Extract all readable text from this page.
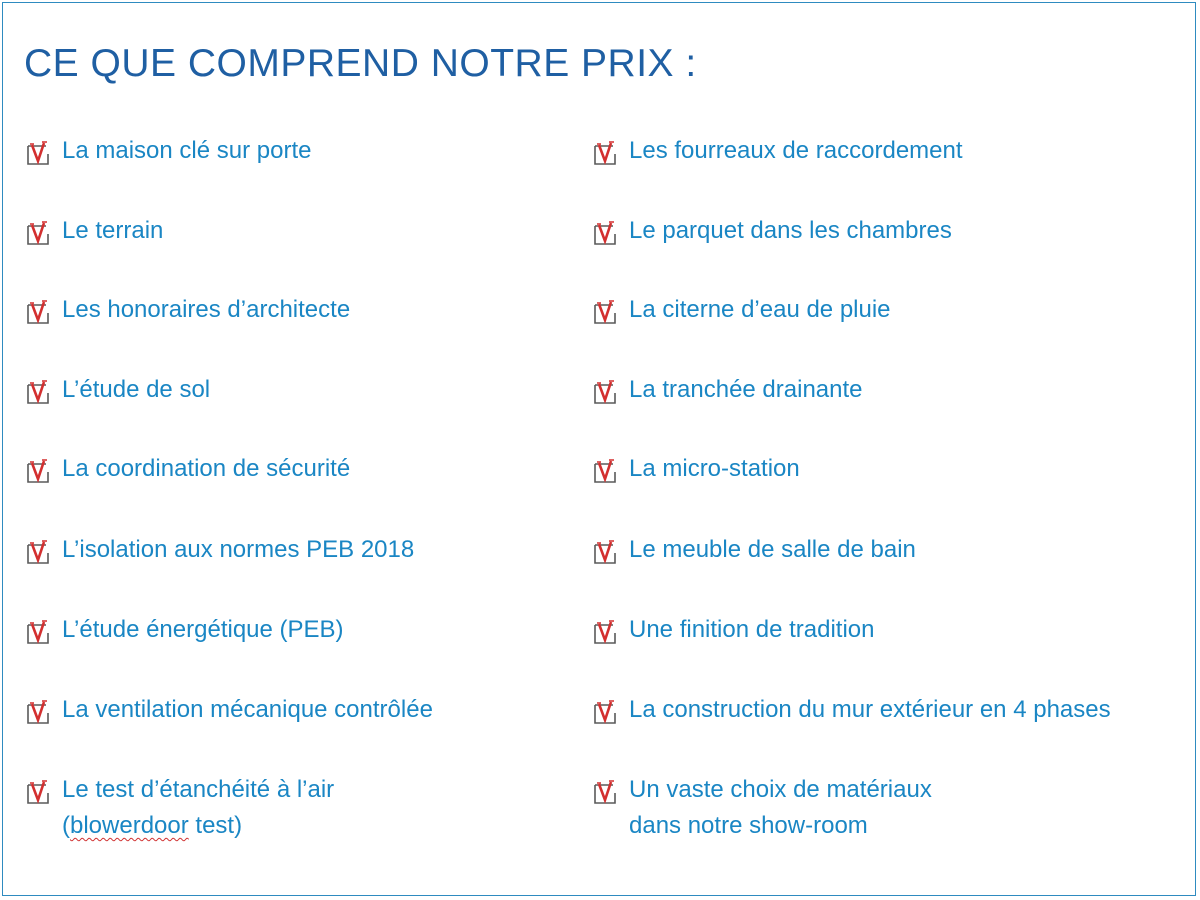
CE QUE COMPREND NOTRE PRIX :
La maison clé sur porte
Le terrain
Les honoraires d’architecte
L’étude de sol
La coordination de sécurité
L’isolation aux normes PEB 2018
L’étude énergétique (PEB)
La ventilation mécanique contrôlée
Le test d’étanchéité à l’air
(blowerdoor test)
Les fourreaux de raccordement
Le parquet dans les chambres
La citerne d’eau de pluie
La tranchée drainante
La micro-station
Le meuble de salle de bain
Une finition de tradition
La construction du mur extérieur en 4 phases
Un vaste choix de matériaux
dans notre show-room
